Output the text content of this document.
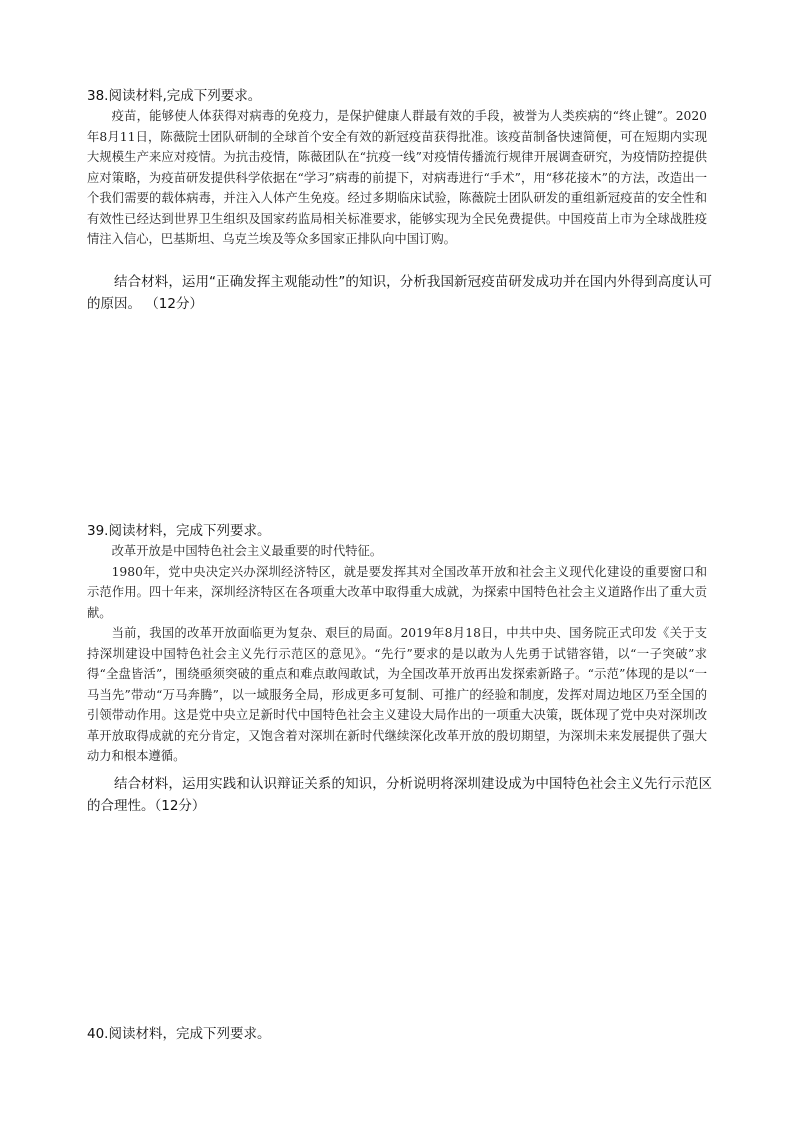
38.阅读材料,完成下列要求。

疫苗，能够使人体获得对病毒的免疫力，是保护健康人群最有效的手段，被誉为人类疾病的“终止键”。2020年8月11日，陈薇院士团队研制的全球首个安全有效的新冠疫苗获得批准。该疫苗制备快速简便，可在短期内实现大规模生产来应对疫情。为抗击疫情，陈薇团队在“抗疫一线”对疫情传播流行规律开展调查研究，为疫情防控提供应对策略，为疫苗研发提供科学依据在“学习”病毒的前提下，对病毒进行“手术”，用“移花接木”的方法，改造出一个我们需要的载体病毒，并注入人体产生免疫。经过多期临床试验，陈薇院士团队研发的重组新冠疫苗的安全性和有效性已经达到世界卫生组织及国家药监局相关标准要求，能够实现为全民免费提供。中国疫苗上市为全球战胜疫情注入信心，巴基斯坦、乌克兰埃及等众多国家正排队向中国订购。

结合材料，运用“正确发挥主观能动性”的知识，分析我国新冠疫苗研发成功并在国内外得到高度认可的原因。 （12分）
39.阅读材料，完成下列要求。

改革开放是中国特色社会主义最重要的时代特征。

1980年，党中央决定兴办深圳经济特区，就是要发挥其对全国改革开放和社会主义现代化建设的重要窗口和示范作用。四十年来，深圳经济特区在各项重大改革中取得重大成就，为探索中国特色社会主义道路作出了重大贡献。

当前，我国的改革开放面临更为复杂、艰巨的局面。2019年8月18日，中共中央、国务院正式印发《关于支持深圳建设中国特色社会主义先行示范区的意见》。“先行”要求的是以敢为人先勇于试错容错，以“一子突破”求得“全盘皆活”，围绕亟须突破的重点和难点敢闯敢试，为全国改革开放再出发探索新路子。“示范”体现的是以“一马当先”带动“万马奔腾”，以一域服务全局，形成更多可复制、可推广的经验和制度，发挥对周边地区乃至全国的引领带动作用。这是党中央立足新时代中国特色社会主义建设大局作出的一项重大决策，既体现了党中央对深圳改革开放取得成就的充分肯定，又饱含着对深圳在新时代继续深化改革开放的殷切期望，为深圳未来发展提供了强大动力和根本遵循。

结合材料，运用实践和认识辩证关系的知识，分析说明将深圳建设成为中国特色社会主义先行示范区的合理性。（12分）
40.阅读材料，完成下列要求。
